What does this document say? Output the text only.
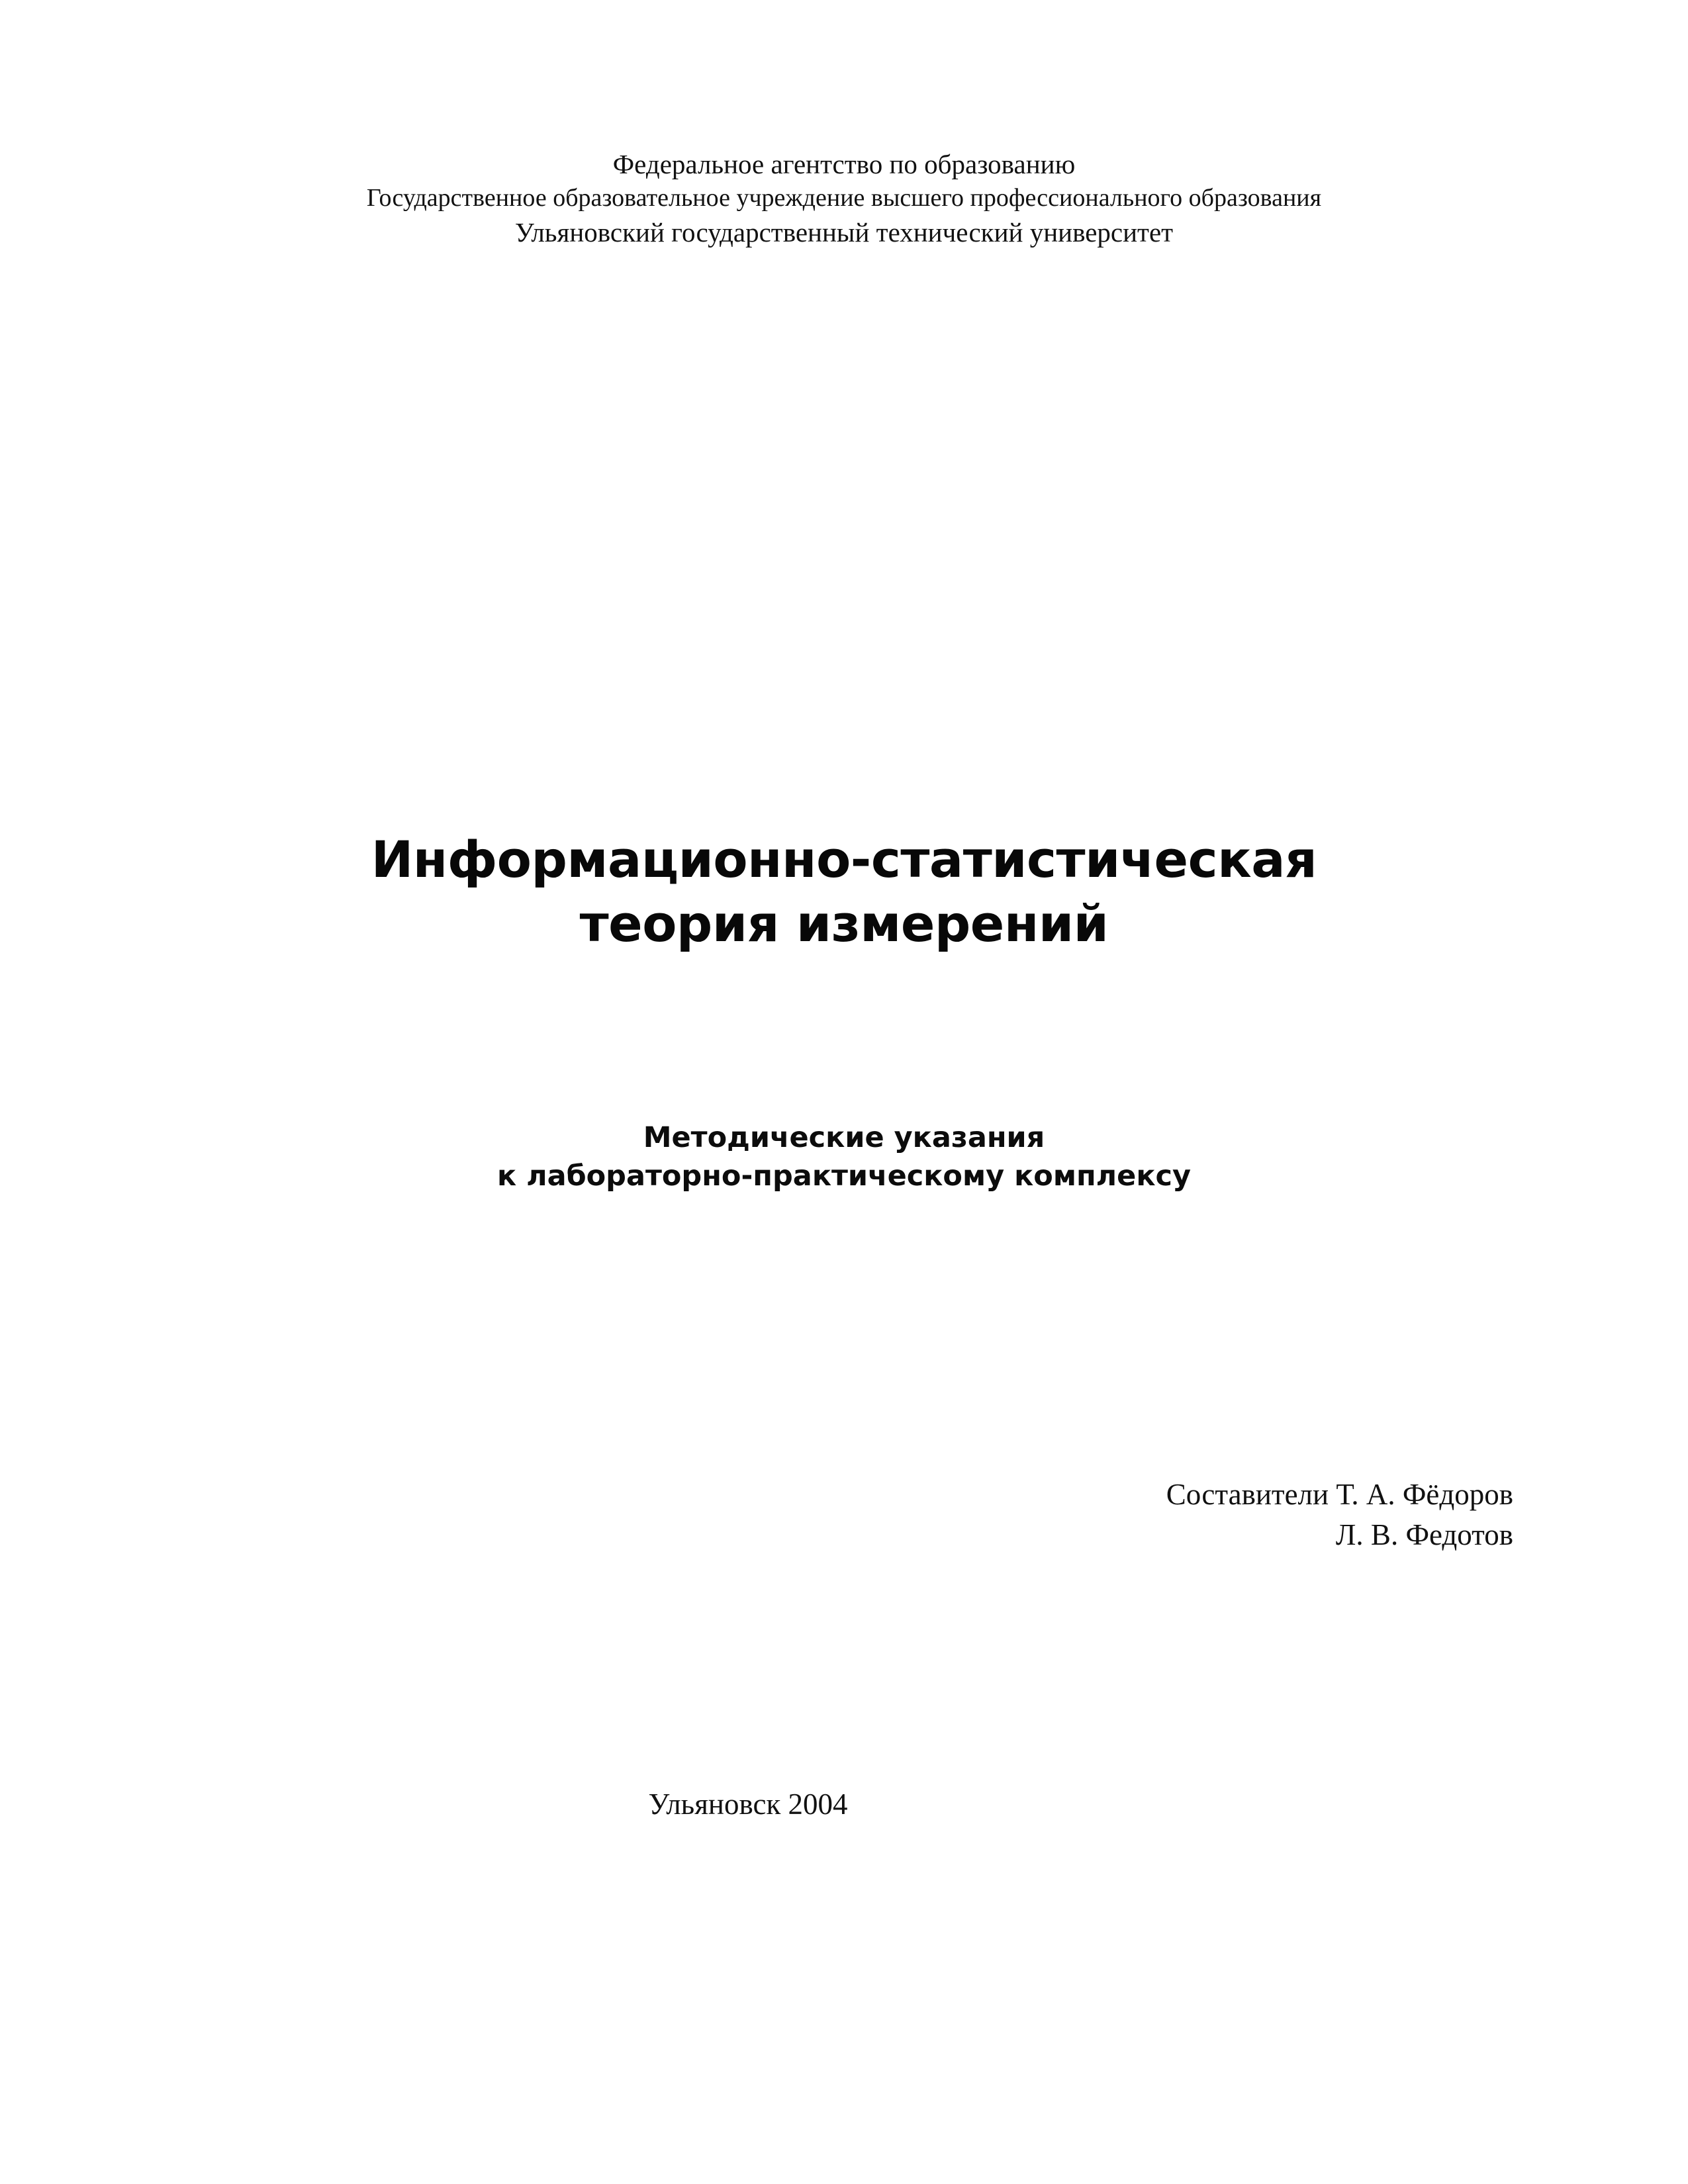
Федеральное агентство по образованию
Государственное образовательное учреждение высшего профессионального образования
Ульяновский государственный технический университет
Информационно-статистическая
теория измерений
Методические указания
к лабораторно-практическому комплексу
Составители Т. А. Фёдоров
Л. В. Федотов
Ульяновск 2004
